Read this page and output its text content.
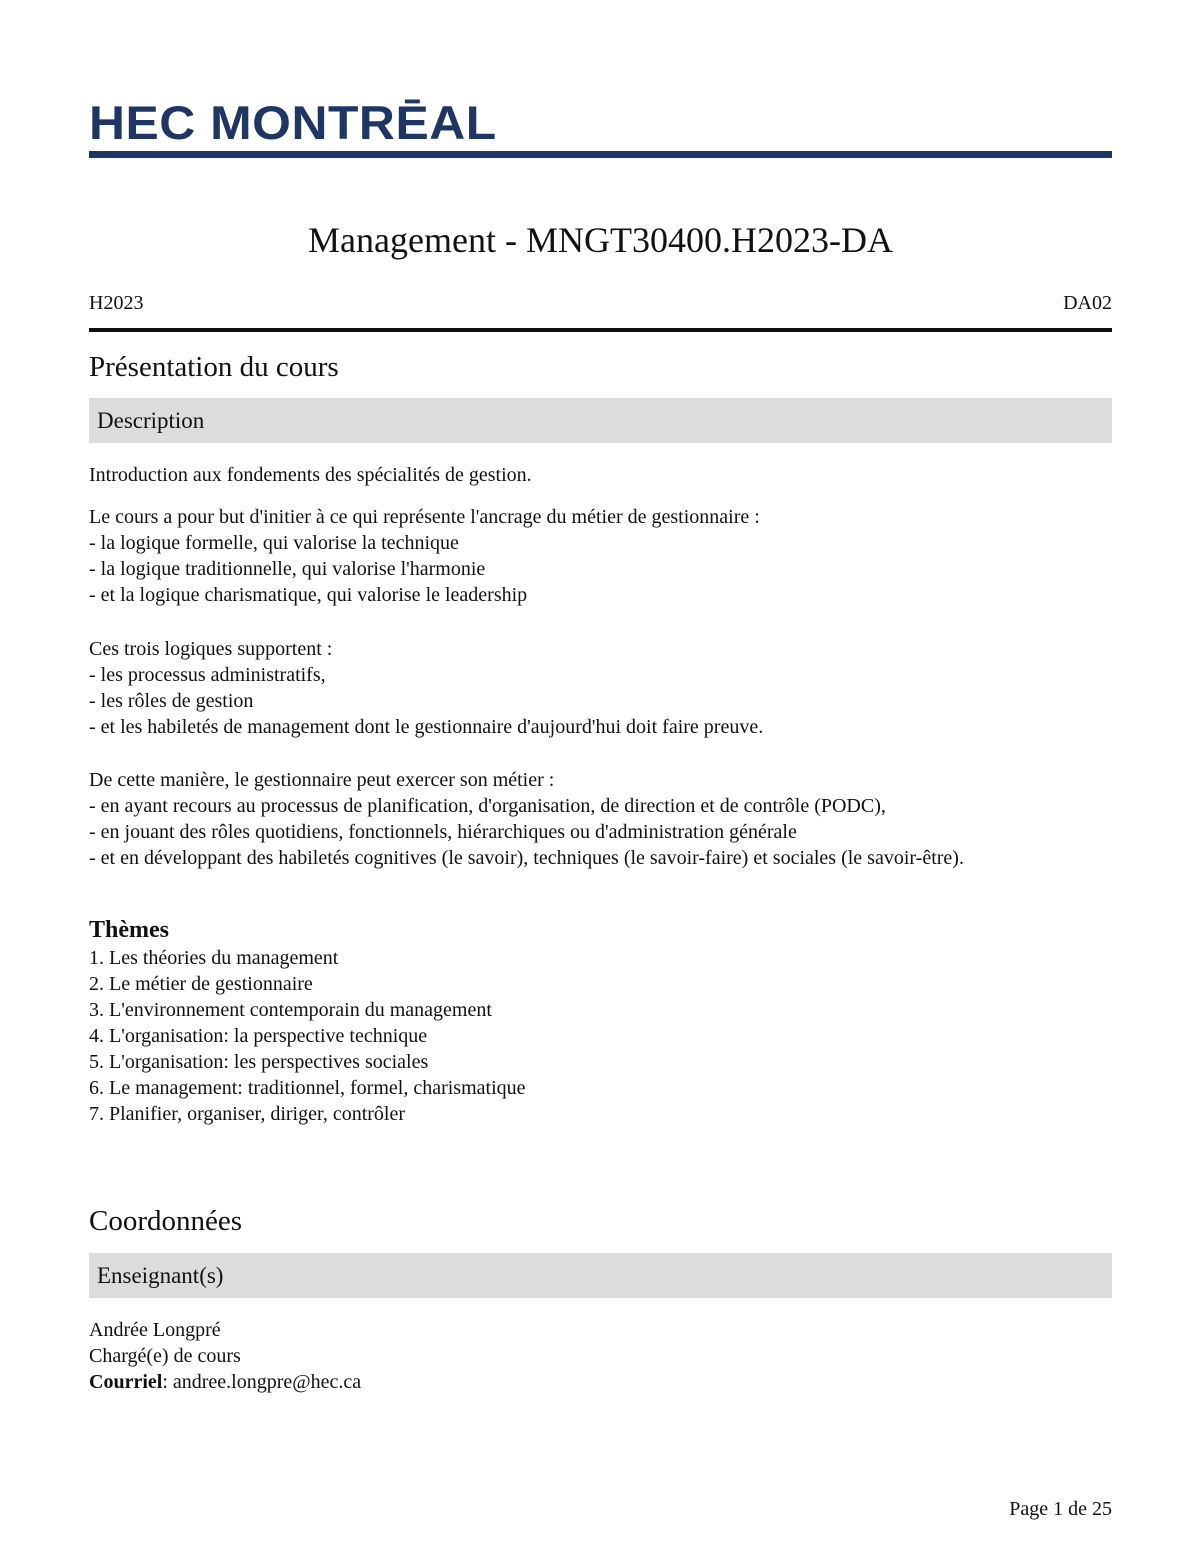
HEC MONTRĒAL
Management - MNGT30400.H2023-DA
H2023	DA02
Présentation du cours
Description

Introduction aux fondements des spécialités de gestion.

Le cours a pour but d'initier à ce qui représente l'ancrage du métier de gestionnaire :

- la logique formelle, qui valorise la technique

- la logique traditionnelle, qui valorise l'harmonie

- et la logique charismatique, qui valorise le leadership

Ces trois logiques supportent :

- les processus administratifs,

- les rôles de gestion

- et les habiletés de management dont le gestionnaire d'aujourd'hui doit faire preuve.

De cette manière, le gestionnaire peut exercer son métier :

- en ayant recours au processus de planification, d'organisation, de direction et de contrôle (PODC),

- en jouant des rôles quotidiens, fonctionnels, hiérarchiques ou d'administration générale

- et en développant des habiletés cognitives (le savoir), techniques (le savoir-faire) et sociales (le savoir-être).

Thèmes

1. Les théories du management

2. Le métier de gestionnaire

3. L'environnement contemporain du management

4. L'organisation: la perspective technique

5. L'organisation: les perspectives sociales

6. Le management: traditionnel, formel, charismatique

7. Planifier, organiser, diriger, contrôler

Coordonnées
Enseignant(s)

Andrée Longpré

Chargé(e) de cours

Courriel: andree.longpre@hec.ca

Page 1 de 25
